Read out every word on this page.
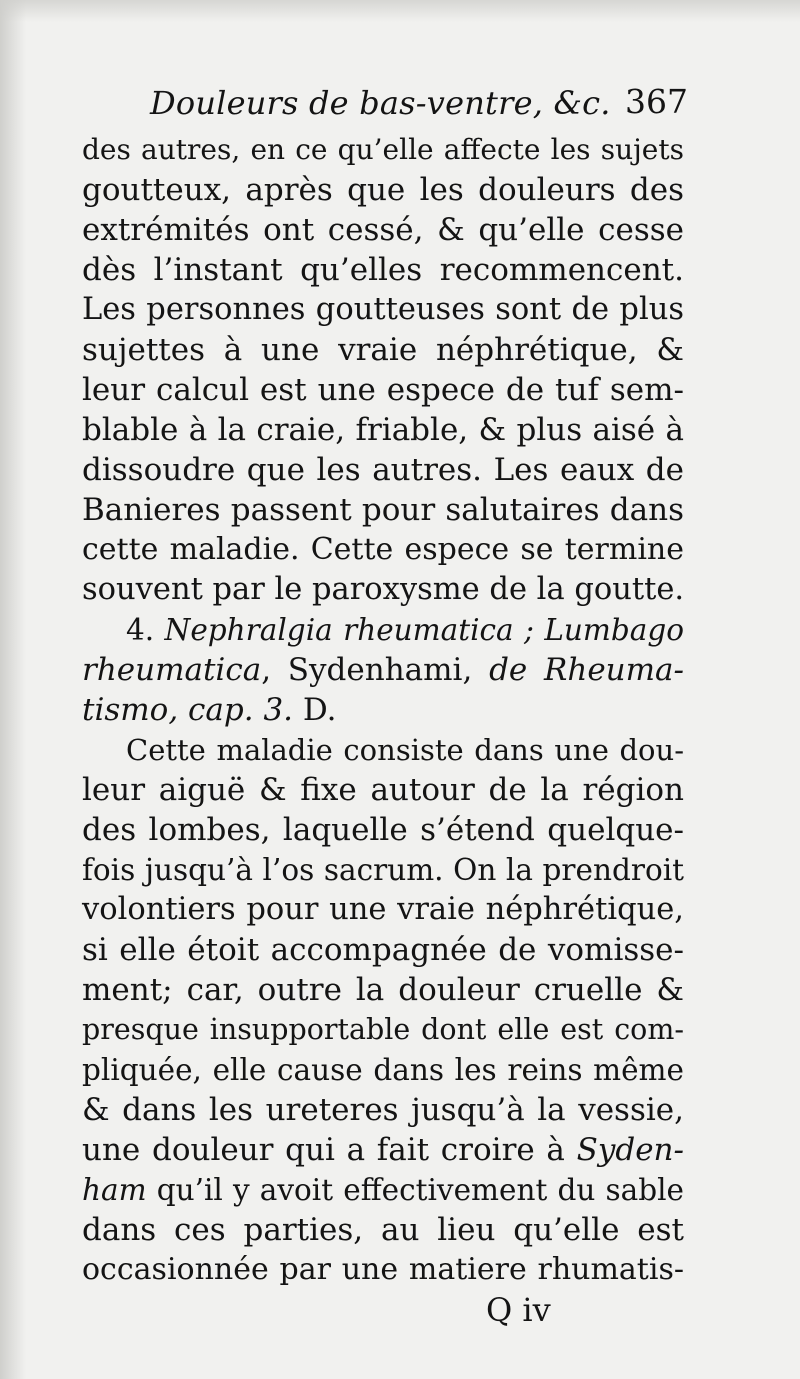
Douleurs de bas-ventre, &c. 367
des autres, en ce qu’elle affecte les sujets
goutteux, après que les douleurs des
extrémités ont cessé, & qu’elle cesse
dès l’instant qu’elles recommencent.
Les personnes goutteuses sont de plus
sujettes à une vraie néphrétique, &
leur calcul est une espece de tuf sem-
blable à la craie, friable, & plus aisé à
dissoudre que les autres. Les eaux de
Banieres passent pour salutaires dans
cette maladie. Cette espece se termine
souvent par le paroxysme de la goutte.
4. Nephralgia rheumatica ; Lumbago
rheumatica, Sydenhami, de Rheuma-
tismo, cap. 3. D.
Cette maladie consiste dans une dou-
leur aiguë & fixe autour de la région
des lombes, laquelle s’étend quelque-
fois jusqu’à l’os sacrum. On la prendroit
volontiers pour une vraie néphrétique,
si elle étoit accompagnée de vomisse-
ment; car, outre la douleur cruelle &
presque insupportable dont elle est com-
pliquée, elle cause dans les reins même
& dans les ureteres jusqu’à la vessie,
une douleur qui a fait croire à Syden-
ham qu’il y avoit effectivement du sable
dans ces parties, au lieu qu’elle est
occasionnée par une matiere rhumatis-
Q iv
